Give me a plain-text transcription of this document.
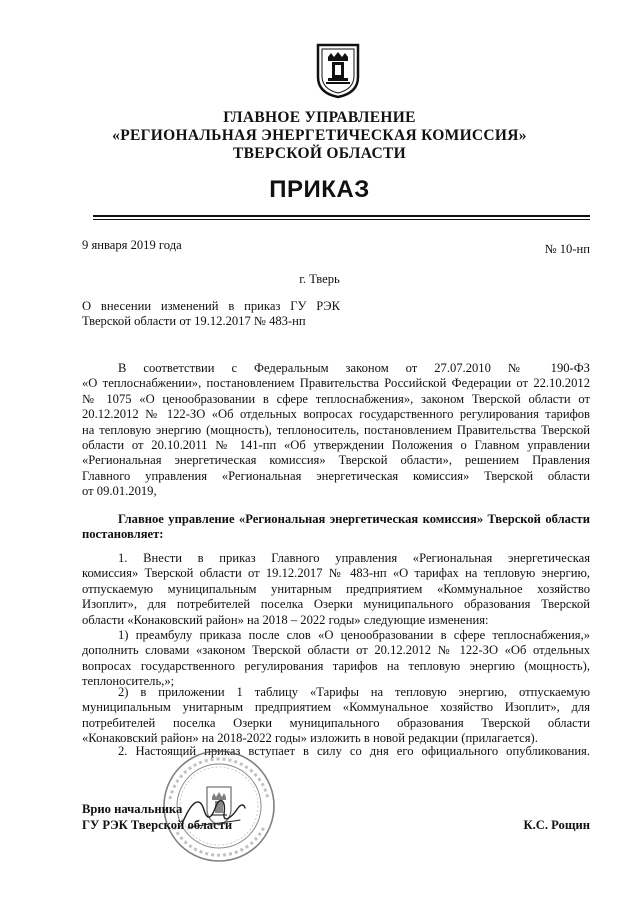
ГЛАВНОЕ УПРАВЛЕНИЕ
«РЕГИОНАЛЬНАЯ ЭНЕРГЕТИЧЕСКАЯ КОМИССИЯ»
ТВЕРСКОЙ ОБЛАСТИ
ПРИКАЗ
9 января 2019 года	№ 10-нп
г. Тверь
О внесении изменений в приказ ГУ РЭК
Тверской области от 19.12.2017 № 483-нп
В соответствии с Федеральным законом от 27.07.2010 № 190-ФЗ
«О теплоснабжении», постановлением Правительства Российской Федерации от 22.10.2012
№ 1075 «О ценообразовании в сфере теплоснабжения», законом Тверской области от
20.12.2012 № 122-ЗО «Об отдельных вопросах государственного регулирования тарифов
на тепловую энергию (мощность), теплоноситель, постановлением Правительства Тверской
области от 20.10.2011 № 141-пп «Об утверждении Положения о Главном управлении
«Региональная энергетическая комиссия» Тверской области», решением Правления
Главного управления «Региональная энергетическая комиссия» Тверской области
от 09.01.2019,
Главное управление «Региональная энергетическая комиссия» Тверской области
постановляет:
1. Внести в приказ Главного управления «Региональная энергетическая
комиссия» Тверской области от 19.12.2017 № 483-нп «О тарифах на тепловую энергию,
отпускаемую муниципальным унитарным предприятием «Коммунальное хозяйство
Изоплит», для потребителей поселка Озерки муниципального образования Тверской
области «Конаковский район» на 2018 – 2022 годы» следующие изменения:
1) преамбулу приказа после слов «О ценообразовании в сфере теплоснабжения,»
дополнить словами «законом Тверской области от 20.12.2012 № 122-ЗО «Об отдельных
вопросах государственного регулирования тарифов на тепловую энергию (мощность),
теплоноситель,»;
2) в приложении 1 таблицу «Тарифы на тепловую энергию, отпускаемую
муниципальным унитарным предприятием «Коммунальное хозяйство Изоплит», для
потребителей поселка Озерки муниципального образования Тверской области
«Конаковский район» на 2018-2022 годы» изложить в новой редакции (прилагается).
2. Настоящий приказ вступает в силу со дня его официального опубликования.
Врио начальника
ГУ РЭК Тверской области	К.С. Рощин
